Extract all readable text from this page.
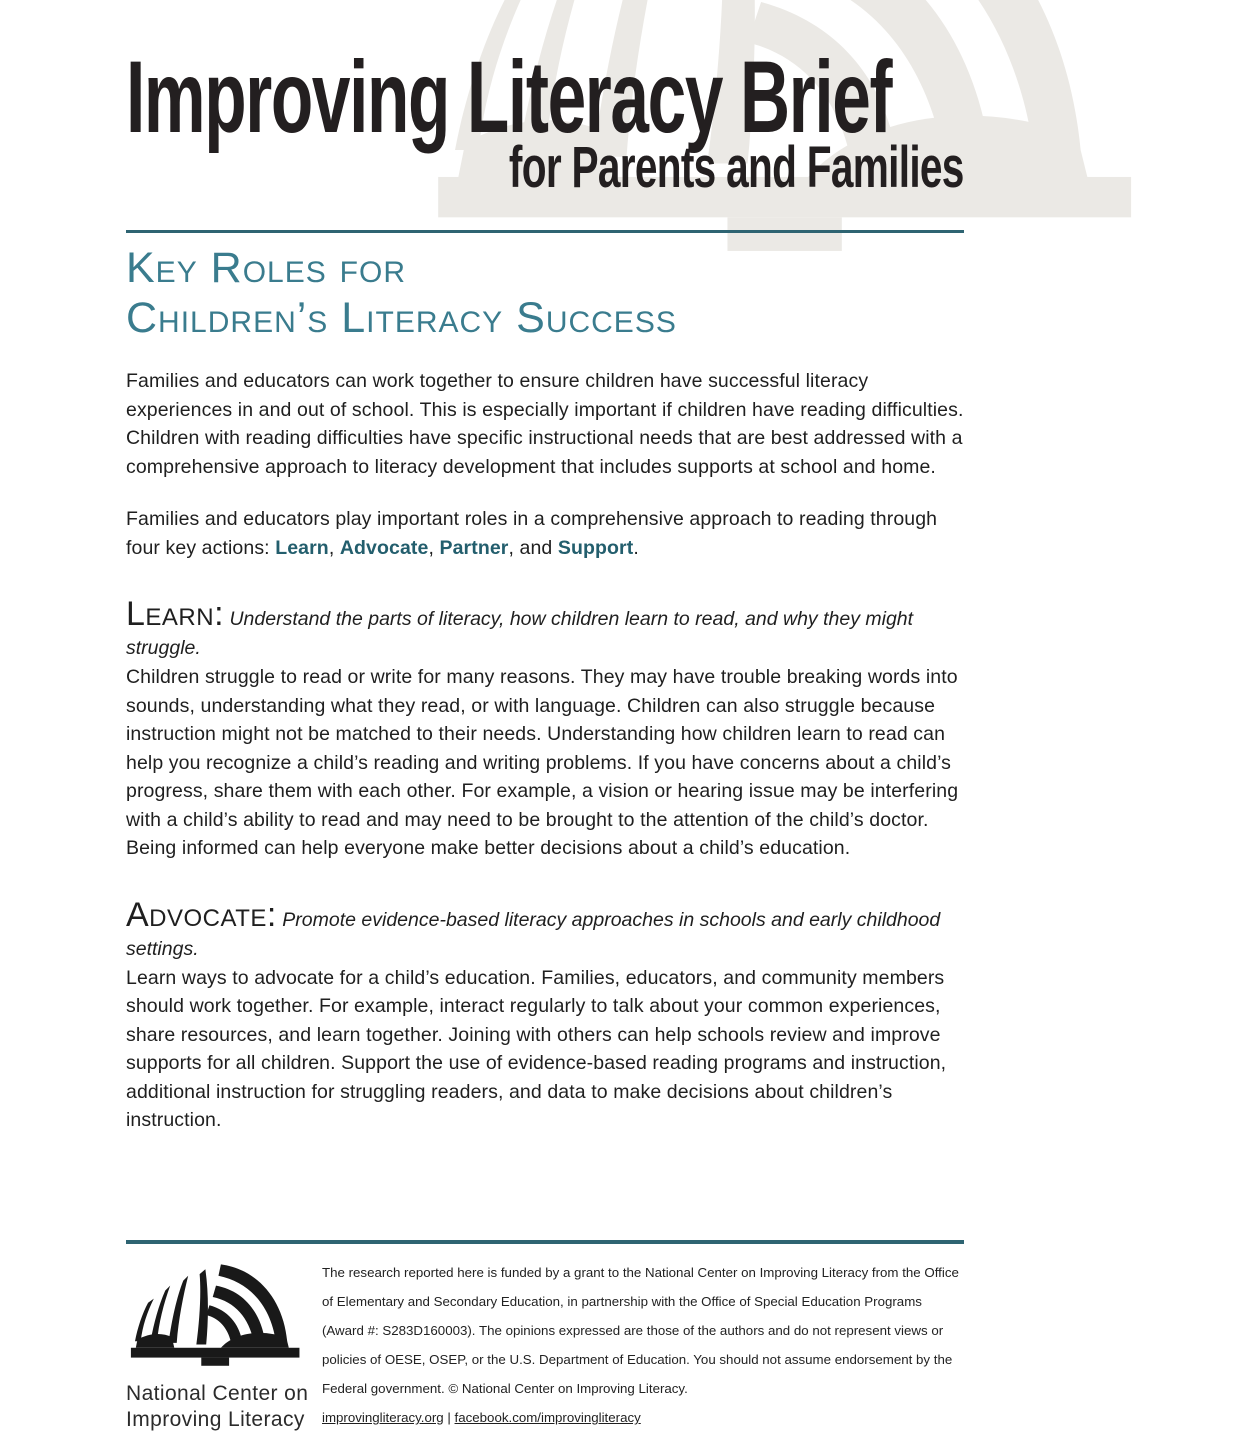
Improving Literacy Brief
for Parents and Families
Key Roles for
Children’s Literacy Success

Families and educators can work together to ensure children have successful literacy experiences in and out of school. This is especially important if children have reading difficulties. Children with reading difficulties have specific instructional needs that are best addressed with a comprehensive approach to literacy development that includes supports at school and home.

Families and educators play important roles in a comprehensive approach to reading through four key actions: Learn, Advocate, Partner, and Support.

Learn: Understand the parts of literacy, how children learn to read, and why they might struggle.

Children struggle to read or write for many reasons. They may have trouble breaking words into sounds, understanding what they read, or with language. Children can also struggle because instruction might not be matched to their needs. Understanding how children learn to read can help you recognize a child’s reading and writing problems. If you have concerns about a child’s progress, share them with each other. For example, a vision or hearing issue may be interfering with a child’s ability to read and may need to be brought to the attention of the child’s doctor. Being informed can help everyone make better decisions about a child’s education.

Advocate: Promote evidence-based literacy approaches in schools and early childhood settings.

Learn ways to advocate for a child’s education. Families, educators, and community members should work together. For example, interact regularly to talk about your common experiences, share resources, and learn together. Joining with others can help schools review and improve supports for all children. Support the use of evidence-based reading programs and instruction, additional instruction for struggling readers, and data to make decisions about children’s instruction.

National Center on
Improving Literacy
The research reported here is funded by a grant to the National Center on Improving Literacy from the Office of Elementary and Secondary Education, in partnership with the Office of Special Education Programs (Award #: S283D160003). The opinions expressed are those of the authors and do not represent views or policies of OESE, OSEP, or the U.S. Department of Education. You should not assume endorsement by the Federal government. © National Center on Improving Literacy.
improvingliteracy.org | facebook.com/improvingliteracy
